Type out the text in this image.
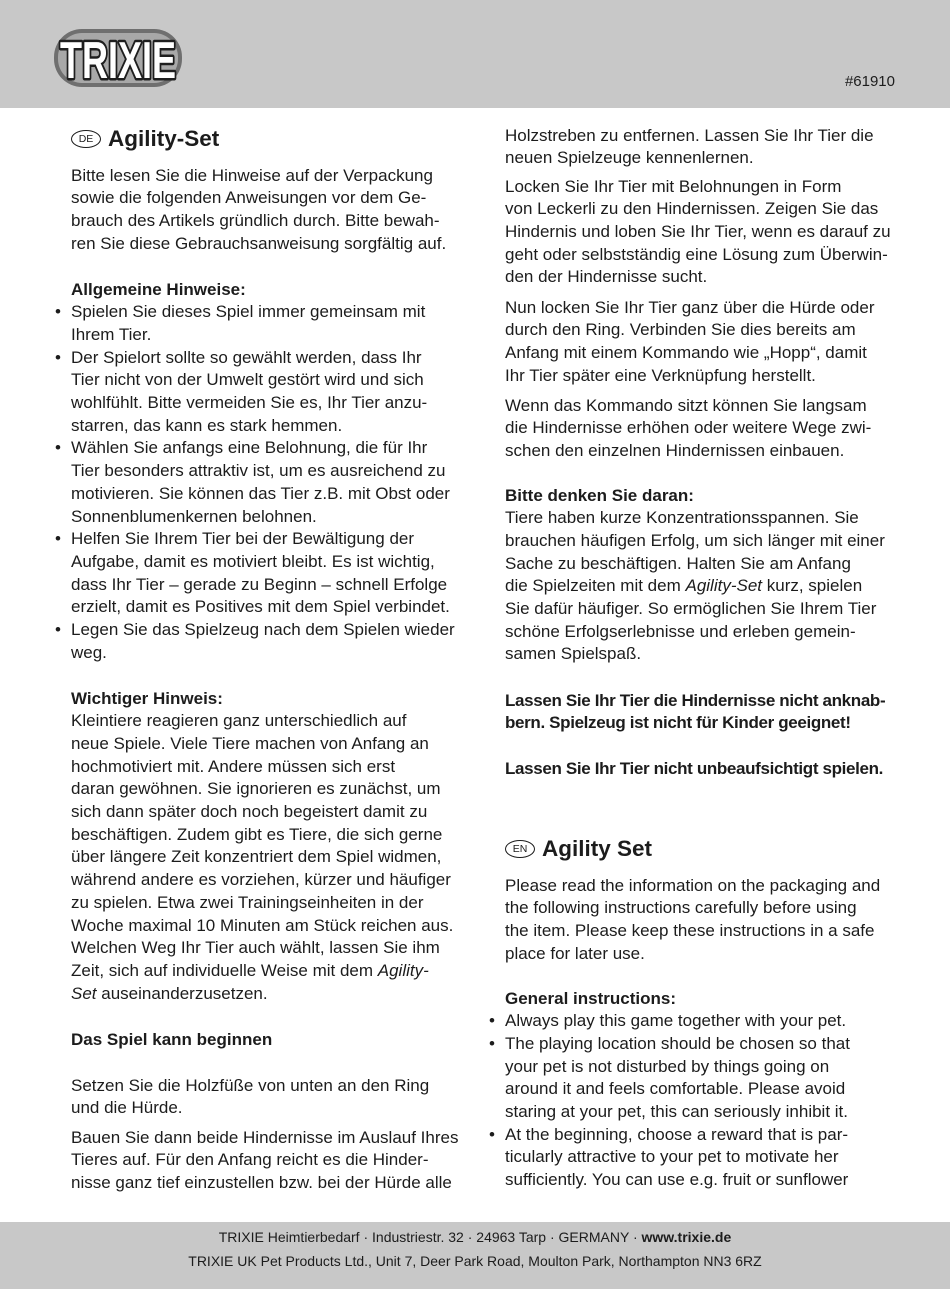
TRIXIE	#61910
DE Agility-Set
Bitte lesen Sie die Hinweise auf der Verpackung
sowie die folgenden Anweisungen vor dem Ge-
brauch des Artikels gründlich durch. Bitte bewah-
ren Sie diese Gebrauchsanweisung sorgfältig auf.
Allgemeine Hinweise:
• Spielen Sie dieses Spiel immer gemeinsam mit
Ihrem Tier.
• Der Spielort sollte so gewählt werden, dass Ihr
Tier nicht von der Umwelt gestört wird und sich
wohlfühlt. Bitte vermeiden Sie es, Ihr Tier anzu-
starren, das kann es stark hemmen.
• Wählen Sie anfangs eine Belohnung, die für Ihr
Tier besonders attraktiv ist, um es ausreichend zu
motivieren. Sie können das Tier z.B. mit Obst oder
Sonnenblumenkernen belohnen.
• Helfen Sie Ihrem Tier bei der Bewältigung der
Aufgabe, damit es motiviert bleibt. Es ist wichtig,
dass Ihr Tier – gerade zu Beginn – schnell Erfolge
erzielt, damit es Positives mit dem Spiel verbindet.
• Legen Sie das Spielzeug nach dem Spielen wieder
weg.
Wichtiger Hinweis:
Kleintiere reagieren ganz unterschiedlich auf
neue Spiele. Viele Tiere machen von Anfang an
hochmotiviert mit. Andere müssen sich erst
daran gewöhnen. Sie ignorieren es zunächst, um
sich dann später doch noch begeistert damit zu
beschäftigen. Zudem gibt es Tiere, die sich gerne
über längere Zeit konzentriert dem Spiel widmen,
während andere es vorziehen, kürzer und häufiger
zu spielen. Etwa zwei Trainingseinheiten in der
Woche maximal 10 Minuten am Stück reichen aus.
Welchen Weg Ihr Tier auch wählt, lassen Sie ihm
Zeit, sich auf individuelle Weise mit dem Agility-
Set auseinanderzusetzen.
Das Spiel kann beginnen
Setzen Sie die Holzfüße von unten an den Ring
und die Hürde.
Bauen Sie dann beide Hindernisse im Auslauf Ihres
Tieres auf. Für den Anfang reicht es die Hinder-
nisse ganz tief einzustellen bzw. bei der Hürde alle
Holzstreben zu entfernen. Lassen Sie Ihr Tier die
neuen Spielzeuge kennenlernen.
Locken Sie Ihr Tier mit Belohnungen in Form
von Leckerli zu den Hindernissen. Zeigen Sie das
Hindernis und loben Sie Ihr Tier, wenn es darauf zu
geht oder selbstständig eine Lösung zum Überwin-
den der Hindernisse sucht.
Nun locken Sie Ihr Tier ganz über die Hürde oder
durch den Ring. Verbinden Sie dies bereits am
Anfang mit einem Kommando wie „Hopp“, damit
Ihr Tier später eine Verknüpfung herstellt.
Wenn das Kommando sitzt können Sie langsam
die Hindernisse erhöhen oder weitere Wege zwi-
schen den einzelnen Hindernissen einbauen.
Bitte denken Sie daran:
Tiere haben kurze Konzentrationsspannen. Sie
brauchen häufigen Erfolg, um sich länger mit einer
Sache zu beschäftigen. Halten Sie am Anfang
die Spielzeiten mit dem Agility-Set kurz, spielen
Sie dafür häufiger. So ermöglichen Sie Ihrem Tier
schöne Erfolgserlebnisse und erleben gemein-
samen Spielspaß.
Lassen Sie Ihr Tier die Hindernisse nicht anknab-
bern. Spielzeug ist nicht für Kinder geeignet!
Lassen Sie Ihr Tier nicht unbeaufsichtigt spielen.
EN Agility Set
Please read the information on the packaging and
the following instructions carefully before using
the item. Please keep these instructions in a safe
place for later use.
General instructions:
• Always play this game together with your pet.
• The playing location should be chosen so that
your pet is not disturbed by things going on
around it and feels comfortable. Please avoid
staring at your pet, this can seriously inhibit it.
• At the beginning, choose a reward that is par-
ticularly attractive to your pet to motivate her
sufficiently. You can use e.g. fruit or sunflower
TRIXIE Heimtierbedarf · Industriestr. 32 · 24963 Tarp · GERMANY · www.trixie.de
TRIXIE UK Pet Products Ltd., Unit 7, Deer Park Road, Moulton Park, Northampton NN3 6RZ
